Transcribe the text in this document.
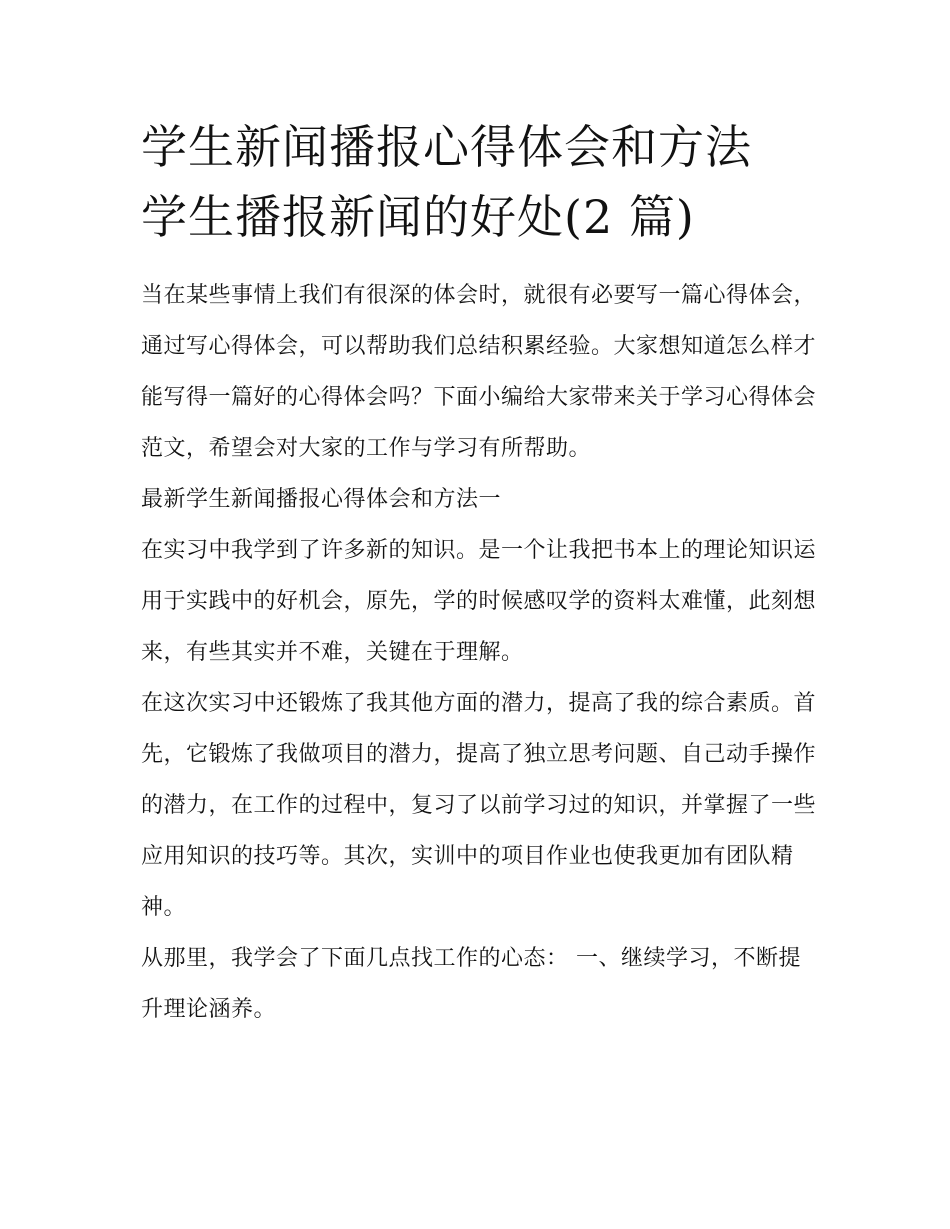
学生新闻播报心得体会和方法
学生播报新闻的好处(2 篇)

当在某些事情上我们有很深的体会时，就很有必要写一篇心得体会，通过写心得体会，可以帮助我们总结积累经验。大家想知道怎么样才能写得一篇好的心得体会吗？下面小编给大家带来关于学习心得体会范文，希望会对大家的工作与学习有所帮助。

最新学生新闻播报心得体会和方法一

在实习中我学到了许多新的知识。是一个让我把书本上的理论知识运用于实践中的好机会，原先，学的时候感叹学的资料太难懂，此刻想来，有些其实并不难，关键在于理解。

在这次实习中还锻炼了我其他方面的潜力，提高了我的综合素质。首先，它锻炼了我做项目的潜力，提高了独立思考问题、自己动手操作的潜力，在工作的过程中，复习了以前学习过的知识，并掌握了一些应用知识的技巧等。其次，实训中的项目作业也使我更加有团队精神。

从那里，我学会了下面几点找工作的心态： 一、继续学习，不断提升理论涵养。
